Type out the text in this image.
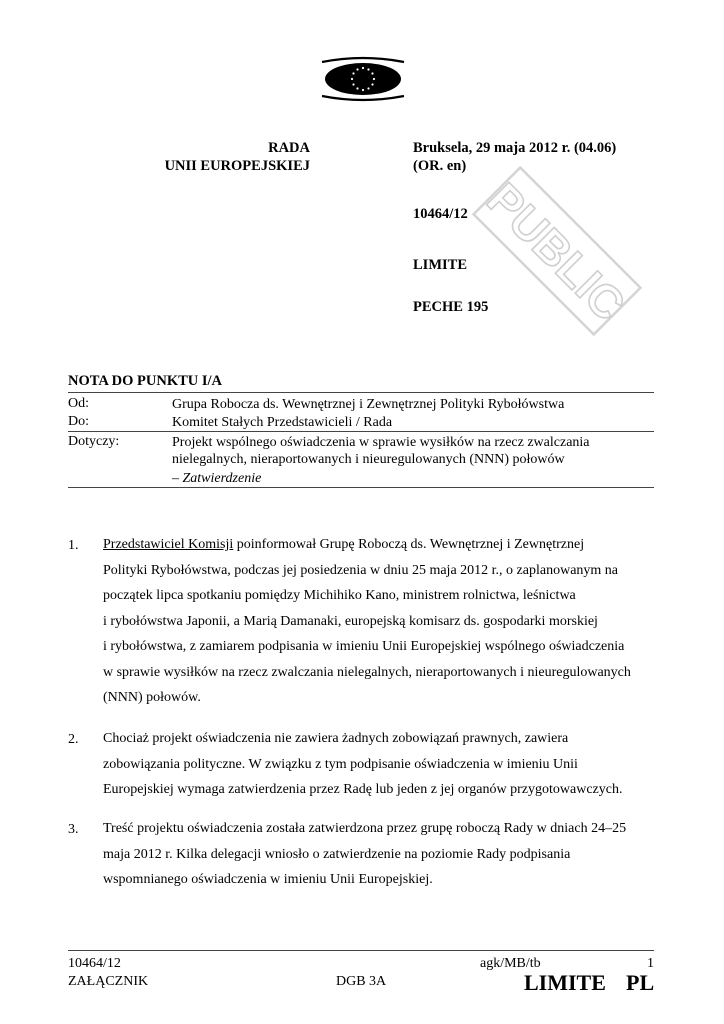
PUBLIC
RADA
UNII EUROPEJSKIEJ
Bruksela, 29 maja 2012 r. (04.06)
(OR. en)
10464/12
LIMITE
PECHE 195
NOTA DO PUNKTU I/A
Od:	Grupa Robocza ds. Wewnętrznej i Zewnętrznej Polityki Rybołówstwa
Do:	Komitet Stałych Przedstawicieli / Rada
Dotyczy:	Projekt wspólnego oświadczenia w sprawie wysiłków na rzecz zwalczania nielegalnych, nieraportowanych i nieuregulowanych (NNN) połowów
– Zatwierdzenie
1. Przedstawiciel Komisji poinformował Grupę Roboczą ds. Wewnętrznej i Zewnętrznej
Polityki Rybołówstwa, podczas jej posiedzenia w dniu 25 maja 2012 r., o zaplanowanym na
początek lipca spotkaniu pomiędzy Michihiko Kano, ministrem rolnictwa, leśnictwa
i rybołówstwa Japonii, a Marią Damanaki, europejską komisarz ds. gospodarki morskiej
i rybołówstwa, z zamiarem podpisania w imieniu Unii Europejskiej wspólnego oświadczenia
w sprawie wysiłków na rzecz zwalczania nielegalnych, nieraportowanych i nieuregulowanych
(NNN) połowów.
2. Chociaż projekt oświadczenia nie zawiera żadnych zobowiązań prawnych, zawiera
zobowiązania polityczne. W związku z tym podpisanie oświadczenia w imieniu Unii
Europejskiej wymaga zatwierdzenia przez Radę lub jeden z jej organów przygotowawczych.
3. Treść projektu oświadczenia została zatwierdzona przez grupę roboczą Rady w dniach 24–25
maja 2012 r. Kilka delegacji wniosło o zatwierdzenie na poziomie Rady podpisania
wspomnianego oświadczenia w imieniu Unii Europejskiej.
10464/12	agk/MB/tb	1
ZAŁĄCZNIK	DGB 3A	LIMITE PL
